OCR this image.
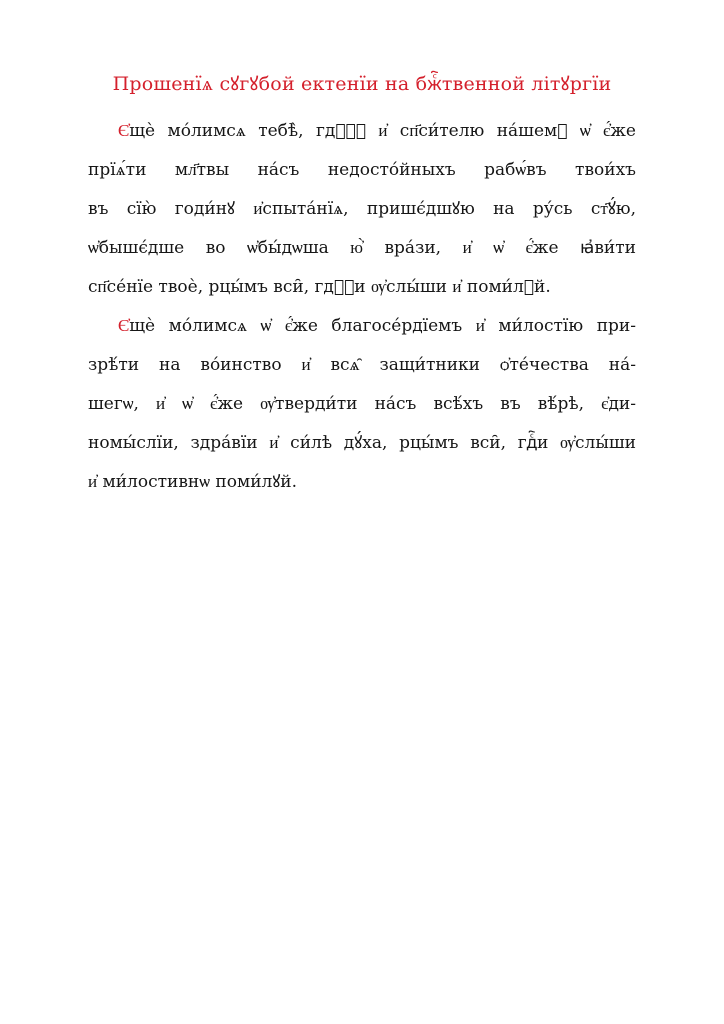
Прошенїѧ сꙋгꙋбой ектенїи на бжⷭ҇твенной літꙋргїи
Є҆щѐ мо́лимсѧ тебѣ̀, гдⷭ҇ꙋ и҆ сп҃си́телю на́шемꙋ ѡ҆ є҆́же
прїѧ́ти мл҃твы на́съ недосто́йныхъ рабѡ́въ твои́хъ
въ сїю̀ годи́нꙋ и҆спыта́нїѧ, пришє́дшꙋю на ру́сь ст҃ꙋ́ю,
ѡ҆бышє́дше во ѡ҆бы́дѡша ю҆̀ вра́зи, и҆ ѡ҆ є҆́же ꙗ҆ви́ти
сп҃се́нїе твоѐ, рцы́мъ вси̑, гдⷭ҇и ѹ҆слы́ши и҆ поми́лꙋй.
Є҆щѐ мо́лимсѧ ѡ҆ є҆́же благосе́рдїемъ и҆ ми́лостїю при-
зрѣ́ти на во́инство и҆ всѧ̑ защи́тники ѻ҆те́чества на́-
шегѡ, и҆ ѡ҆ є҆́же ѹ҆тверди́ти на́съ всѣ́хъ въ вѣ́рѣ, є҆ди-
номы́слїи, здра́вїи и҆ си́лѣ дꙋ́ха, рцы́мъ вси̑, гдⷭ҇и ѹ҆слы́ши
и҆ ми́лостивнѡ поми́лꙋй.
